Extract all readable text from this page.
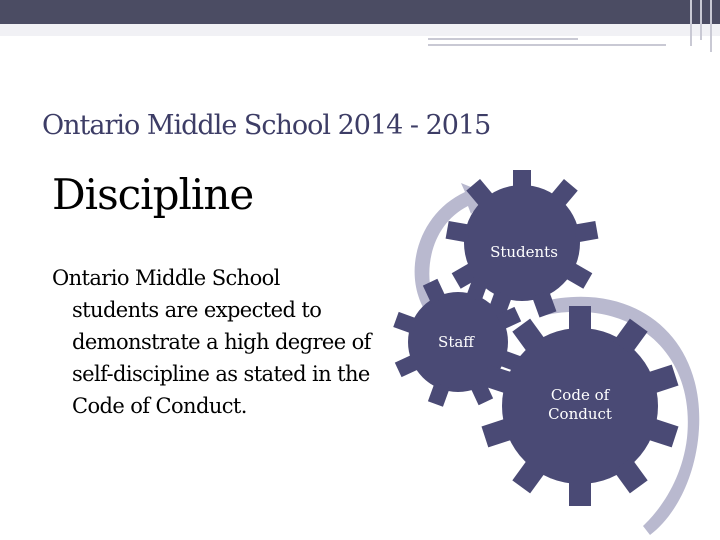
Ontario Middle School 2014 - 2015
Discipline
Ontario Middle School students are expected to demonstrate a high degree of self-discipline as stated in the Code of Conduct.
Students
Staff
Code of
Conduct
